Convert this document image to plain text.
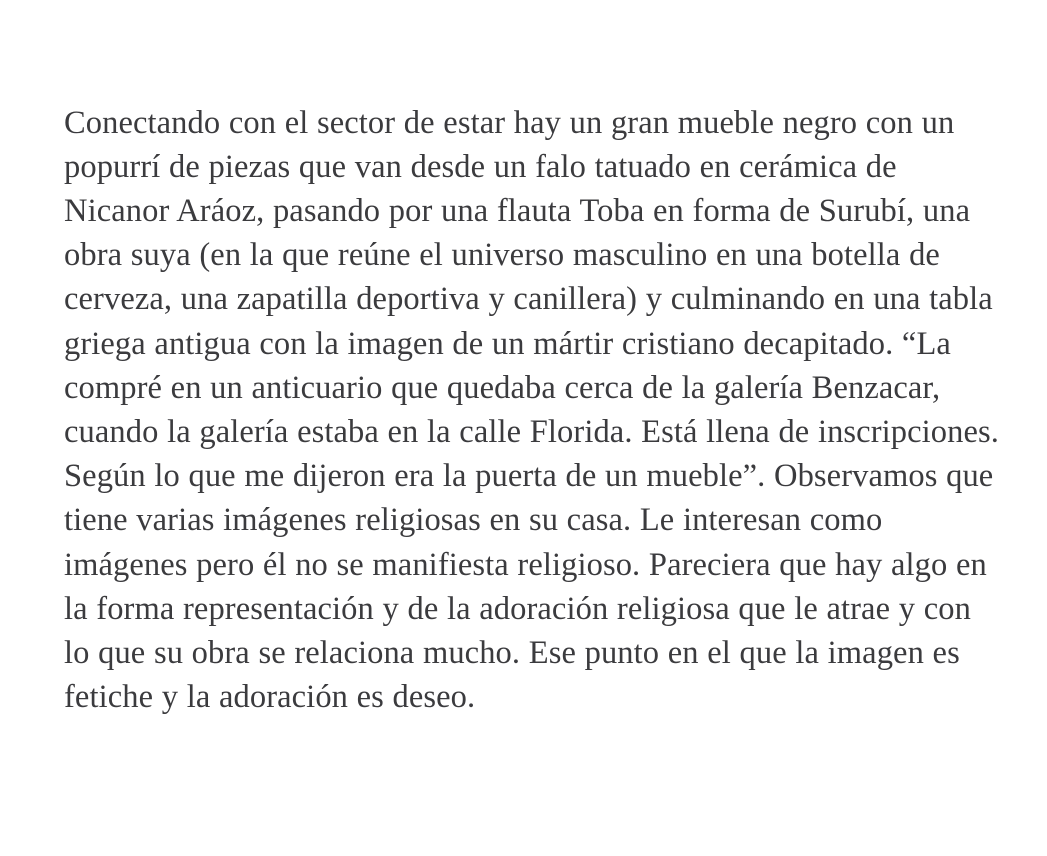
Conectando con el sector de estar hay un gran mueble negro con un popurrí de piezas que van desde un falo tatuado en cerámica de Nicanor Aráoz, pasando por una flauta Toba en forma de Surubí, una obra suya (en la que reúne el universo masculino en una botella de cerveza, una zapatilla deportiva y canillera) y culminando en una tabla griega antigua con la imagen de un mártir cristiano decapitado. “La compré en un anticuario que quedaba cerca de la galería Benzacar, cuando la galería estaba en la calle Florida. Está llena de inscripciones. Según lo que me dijeron era la puerta de un mueble”. Observamos que tiene varias imágenes religiosas en su casa. Le interesan como imágenes pero él no se manifiesta religioso. Pareciera que hay algo en la forma representación y de la adoración religiosa que le atrae y con lo que su obra se relaciona mucho. Ese punto en el que la imagen es fetiche y la adoración es deseo.
